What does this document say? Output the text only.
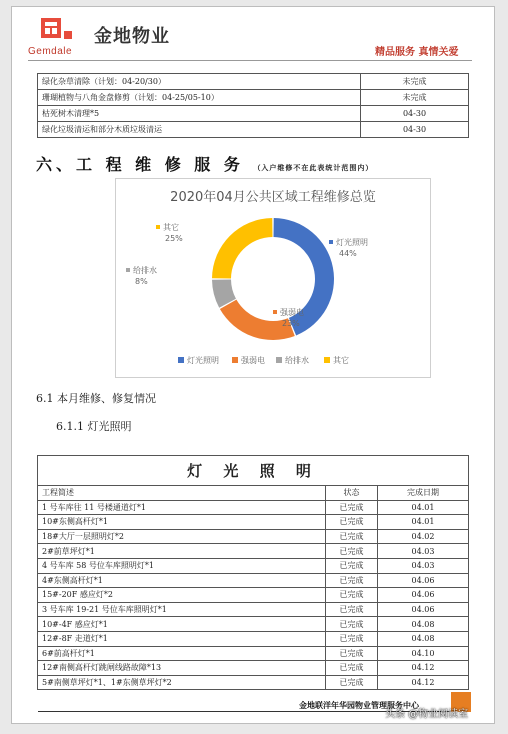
Gemdale
金地物业
精品服务 真情关爱
绿化杂草清除（计划：04-20/30）	未完成
珊瑚植物与八角金盘修剪（计划：04-25/05-10）	未完成
枯死树木清理*5	04-30
绿化垃圾清运和部分木质垃圾清运	04-30
六、工 程 维 修 服 务 （入户维修不在此表统计范围内）
2020年04月公共区域工程维修总览
灯光照明
44%
强弱电
23%
给排水
8%
其它
25%
灯光照明	强弱电	给排水	其它
6.1 本月维修、修复情况
6.1.1 灯光照明
灯 光 照 明		
工程简述	状态	完成日期
1 号车库往 11 号楼通道灯*1	已完成	04.01
10#东侧高杆灯*1	已完成	04.01
18#大厅一层照明灯*2	已完成	04.02
2#前草坪灯*1	已完成	04.03
4 号车库 58 号位车库照明灯*1	已完成	04.03
4#东侧高杆灯*1	已完成	04.06
15#-20F 感应灯*2	已完成	04.06
3 号车库 19-21 号位车库照明灯*1	已完成	04.06
10#-4F 感应灯*1	已完成	04.08
12#-8F 走道灯*1	已完成	04.08
6#前高杆灯*1	已完成	04.10
12#南侧高杆灯跳闸线路故障*13	已完成	04.12
5#南侧草坪灯*1、1#东侧草坪灯*2	已完成	04.12
金地联洋年华园物业管理服务中心
头条 @物业阅读室
